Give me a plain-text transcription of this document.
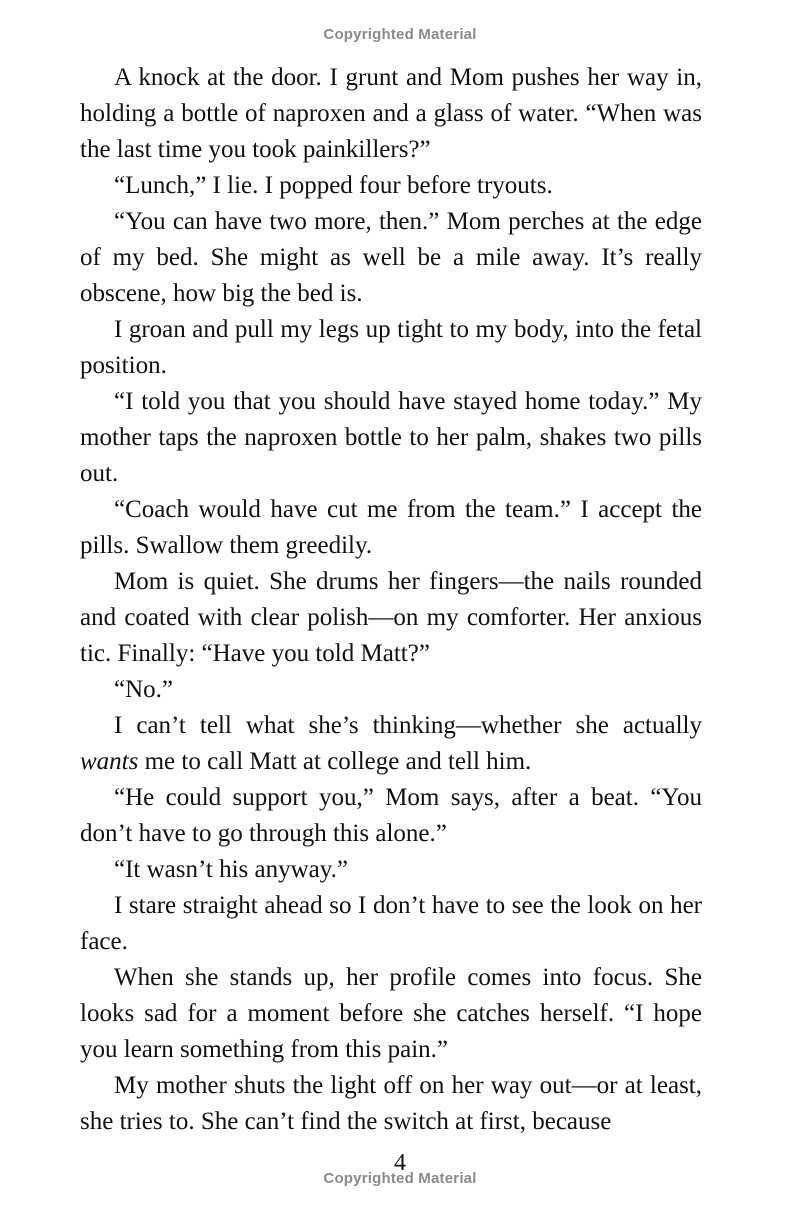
Copyrighted Material

A knock at the door. I grunt and Mom pushes her way in, holding a bottle of naproxen and a glass of water. “When was the last time you took painkillers?”

“Lunch,” I lie. I popped four before tryouts.

“You can have two more, then.” Mom perches at the edge of my bed. She might as well be a mile away. It’s really obscene, how big the bed is.

I groan and pull my legs up tight to my body, into the fetal position.

“I told you that you should have stayed home today.” My mother taps the naproxen bottle to her palm, shakes two pills out.

“Coach would have cut me from the team.” I accept the pills. Swallow them greedily.

Mom is quiet. She drums her fingers—the nails rounded and coated with clear polish—on my comforter. Her anxious tic. Finally: “Have you told Matt?”

“No.”

I can’t tell what she’s thinking—whether she actually wants me to call Matt at college and tell him.

“He could support you,” Mom says, after a beat. “You don’t have to go through this alone.”

“It wasn’t his anyway.”

I stare straight ahead so I don’t have to see the look on her face.

When she stands up, her profile comes into focus. She looks sad for a moment before she catches herself. “I hope you learn something from this pain.”

My mother shuts the light off on her way out—or at least, she tries to. She can’t find the switch at first, because

4
Copyrighted Material
